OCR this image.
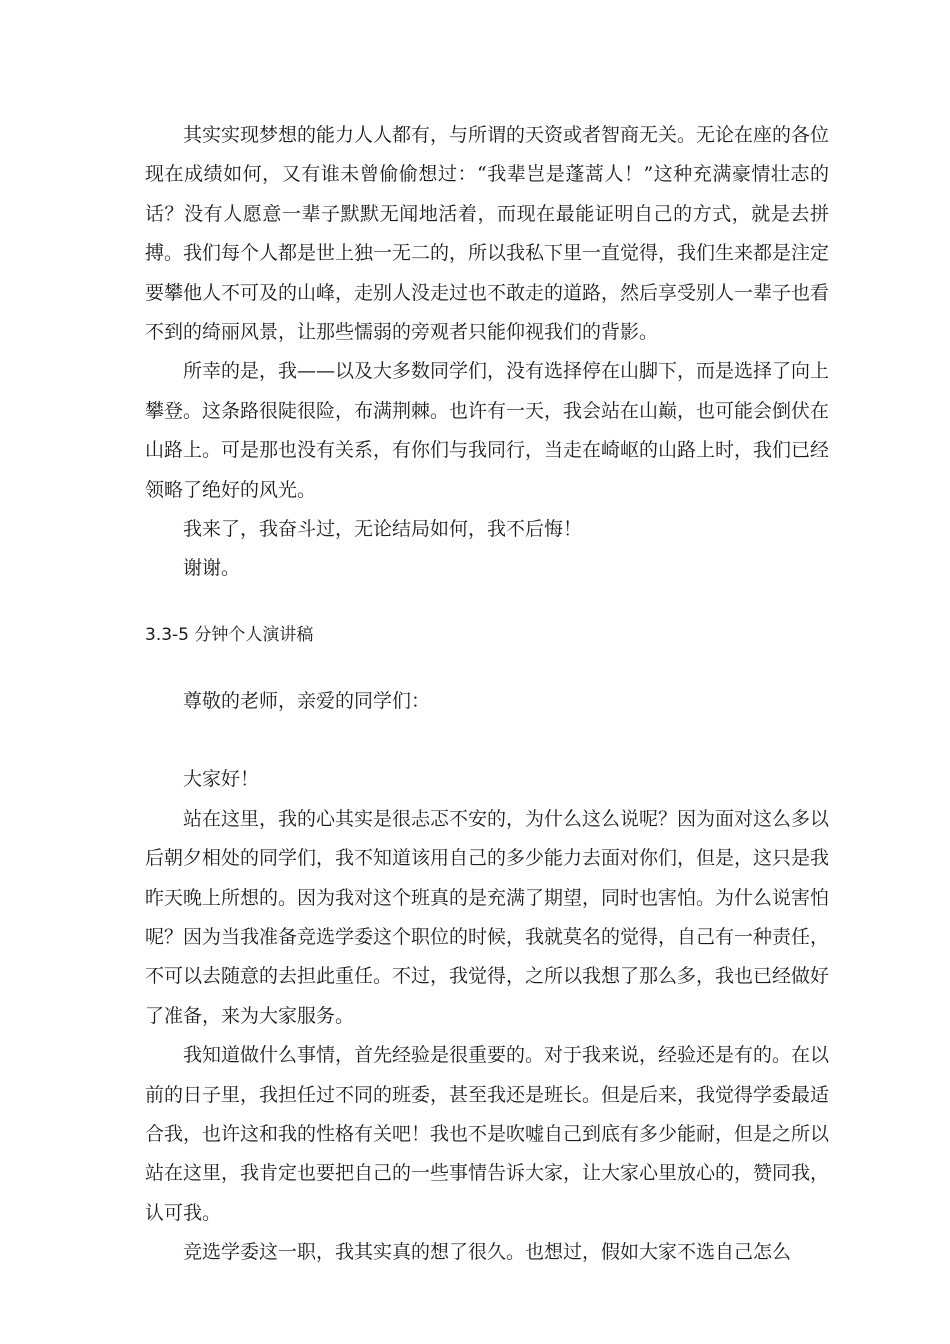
其实实现梦想的能力人人都有，与所谓的天资或者智商无关。无论在座的各位现在成绩如何，又有谁未曾偷偷想过：“我辈岂是蓬蒿人！”这种充满豪情壮志的话？没有人愿意一辈子默默无闻地活着，而现在最能证明自己的方式，就是去拼搏。我们每个人都是世上独一无二的，所以我私下里一直觉得，我们生来都是注定要攀他人不可及的山峰，走别人没走过也不敢走的道路，然后享受别人一辈子也看不到的绮丽风景，让那些懦弱的旁观者只能仰视我们的背影。

所幸的是，我——以及大多数同学们，没有选择停在山脚下，而是选择了向上攀登。这条路很陡很险，布满荆棘。也许有一天，我会站在山巅，也可能会倒伏在山路上。可是那也没有关系，有你们与我同行，当走在崎岖的山路上时，我们已经领略了绝好的风光。

我来了，我奋斗过，无论结局如何，我不后悔！

谢谢。

3.3-5 分钟个人演讲稿

尊敬的老师，亲爱的同学们：

大家好！

站在这里，我的心其实是很忐忑不安的，为什么这么说呢？因为面对这么多以后朝夕相处的同学们，我不知道该用自己的多少能力去面对你们，但是，这只是我昨天晚上所想的。因为我对这个班真的是充满了期望，同时也害怕。为什么说害怕呢？因为当我准备竞选学委这个职位的时候，我就莫名的觉得，自己有一种责任，不可以去随意的去担此重任。不过，我觉得，之所以我想了那么多，我也已经做好了准备，来为大家服务。

我知道做什么事情，首先经验是很重要的。对于我来说，经验还是有的。在以前的日子里，我担任过不同的班委，甚至我还是班长。但是后来，我觉得学委最适合我，也许这和我的性格有关吧！我也不是吹嘘自己到底有多少能耐，但是之所以站在这里，我肯定也要把自己的一些事情告诉大家，让大家心里放心的，赞同我，认可我。

竞选学委这一职，我其实真的想了很久。也想过，假如大家不选自己怎么
